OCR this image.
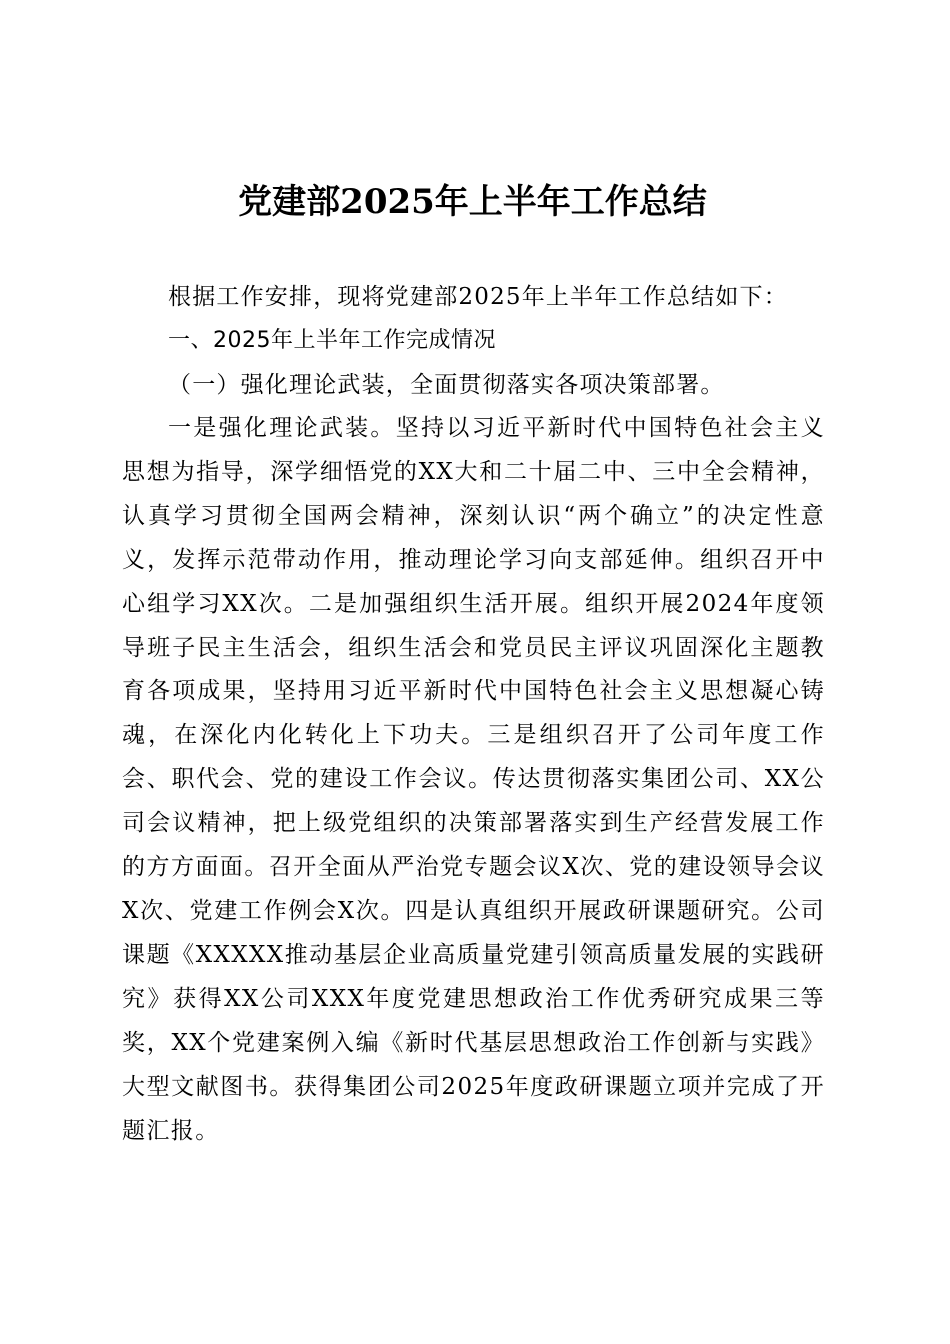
党建部2025年上半年工作总结

根据工作安排，现将党建部2025年上半年工作总结如下：

一、2025年上半年工作完成情况
（一）强化理论武装，全面贯彻落实各项决策部署。

一是强化理论武装。坚持以习近平新时代中国特色社会主义思想为指导，深学细悟党的XX大和二十届二中、三中全会精神，认真学习贯彻全国两会精神，深刻认识“两个确立”的决定性意义，发挥示范带动作用，推动理论学习向支部延伸。组织召开中心组学习XX次。二是加强组织生活开展。组织开展2024年度领导班子民主生活会，组织生活会和党员民主评议巩固深化主题教育各项成果，坚持用习近平新时代中国特色社会主义思想凝心铸魂，在深化内化转化上下功夫。三是组织召开了公司年度工作会、职代会、党的建设工作会议。传达贯彻落实集团公司、XX公司会议精神，把上级党组织的决策部署落实到生产经营发展工作的方方面面。召开全面从严治党专题会议X次、党的建设领导会议X次、党建工作例会X次。四是认真组织开展政研课题研究。公司课题《XXXXX推动基层企业高质量党建引领高质量发展的实践研究》获得XX公司XXX年度党建思想政治工作优秀研究成果三等奖，XX个党建案例入编《新时代基层思想政治工作创新与实践》大型文献图书。获得集团公司2025年度政研课题立项并完成了开题汇报。
